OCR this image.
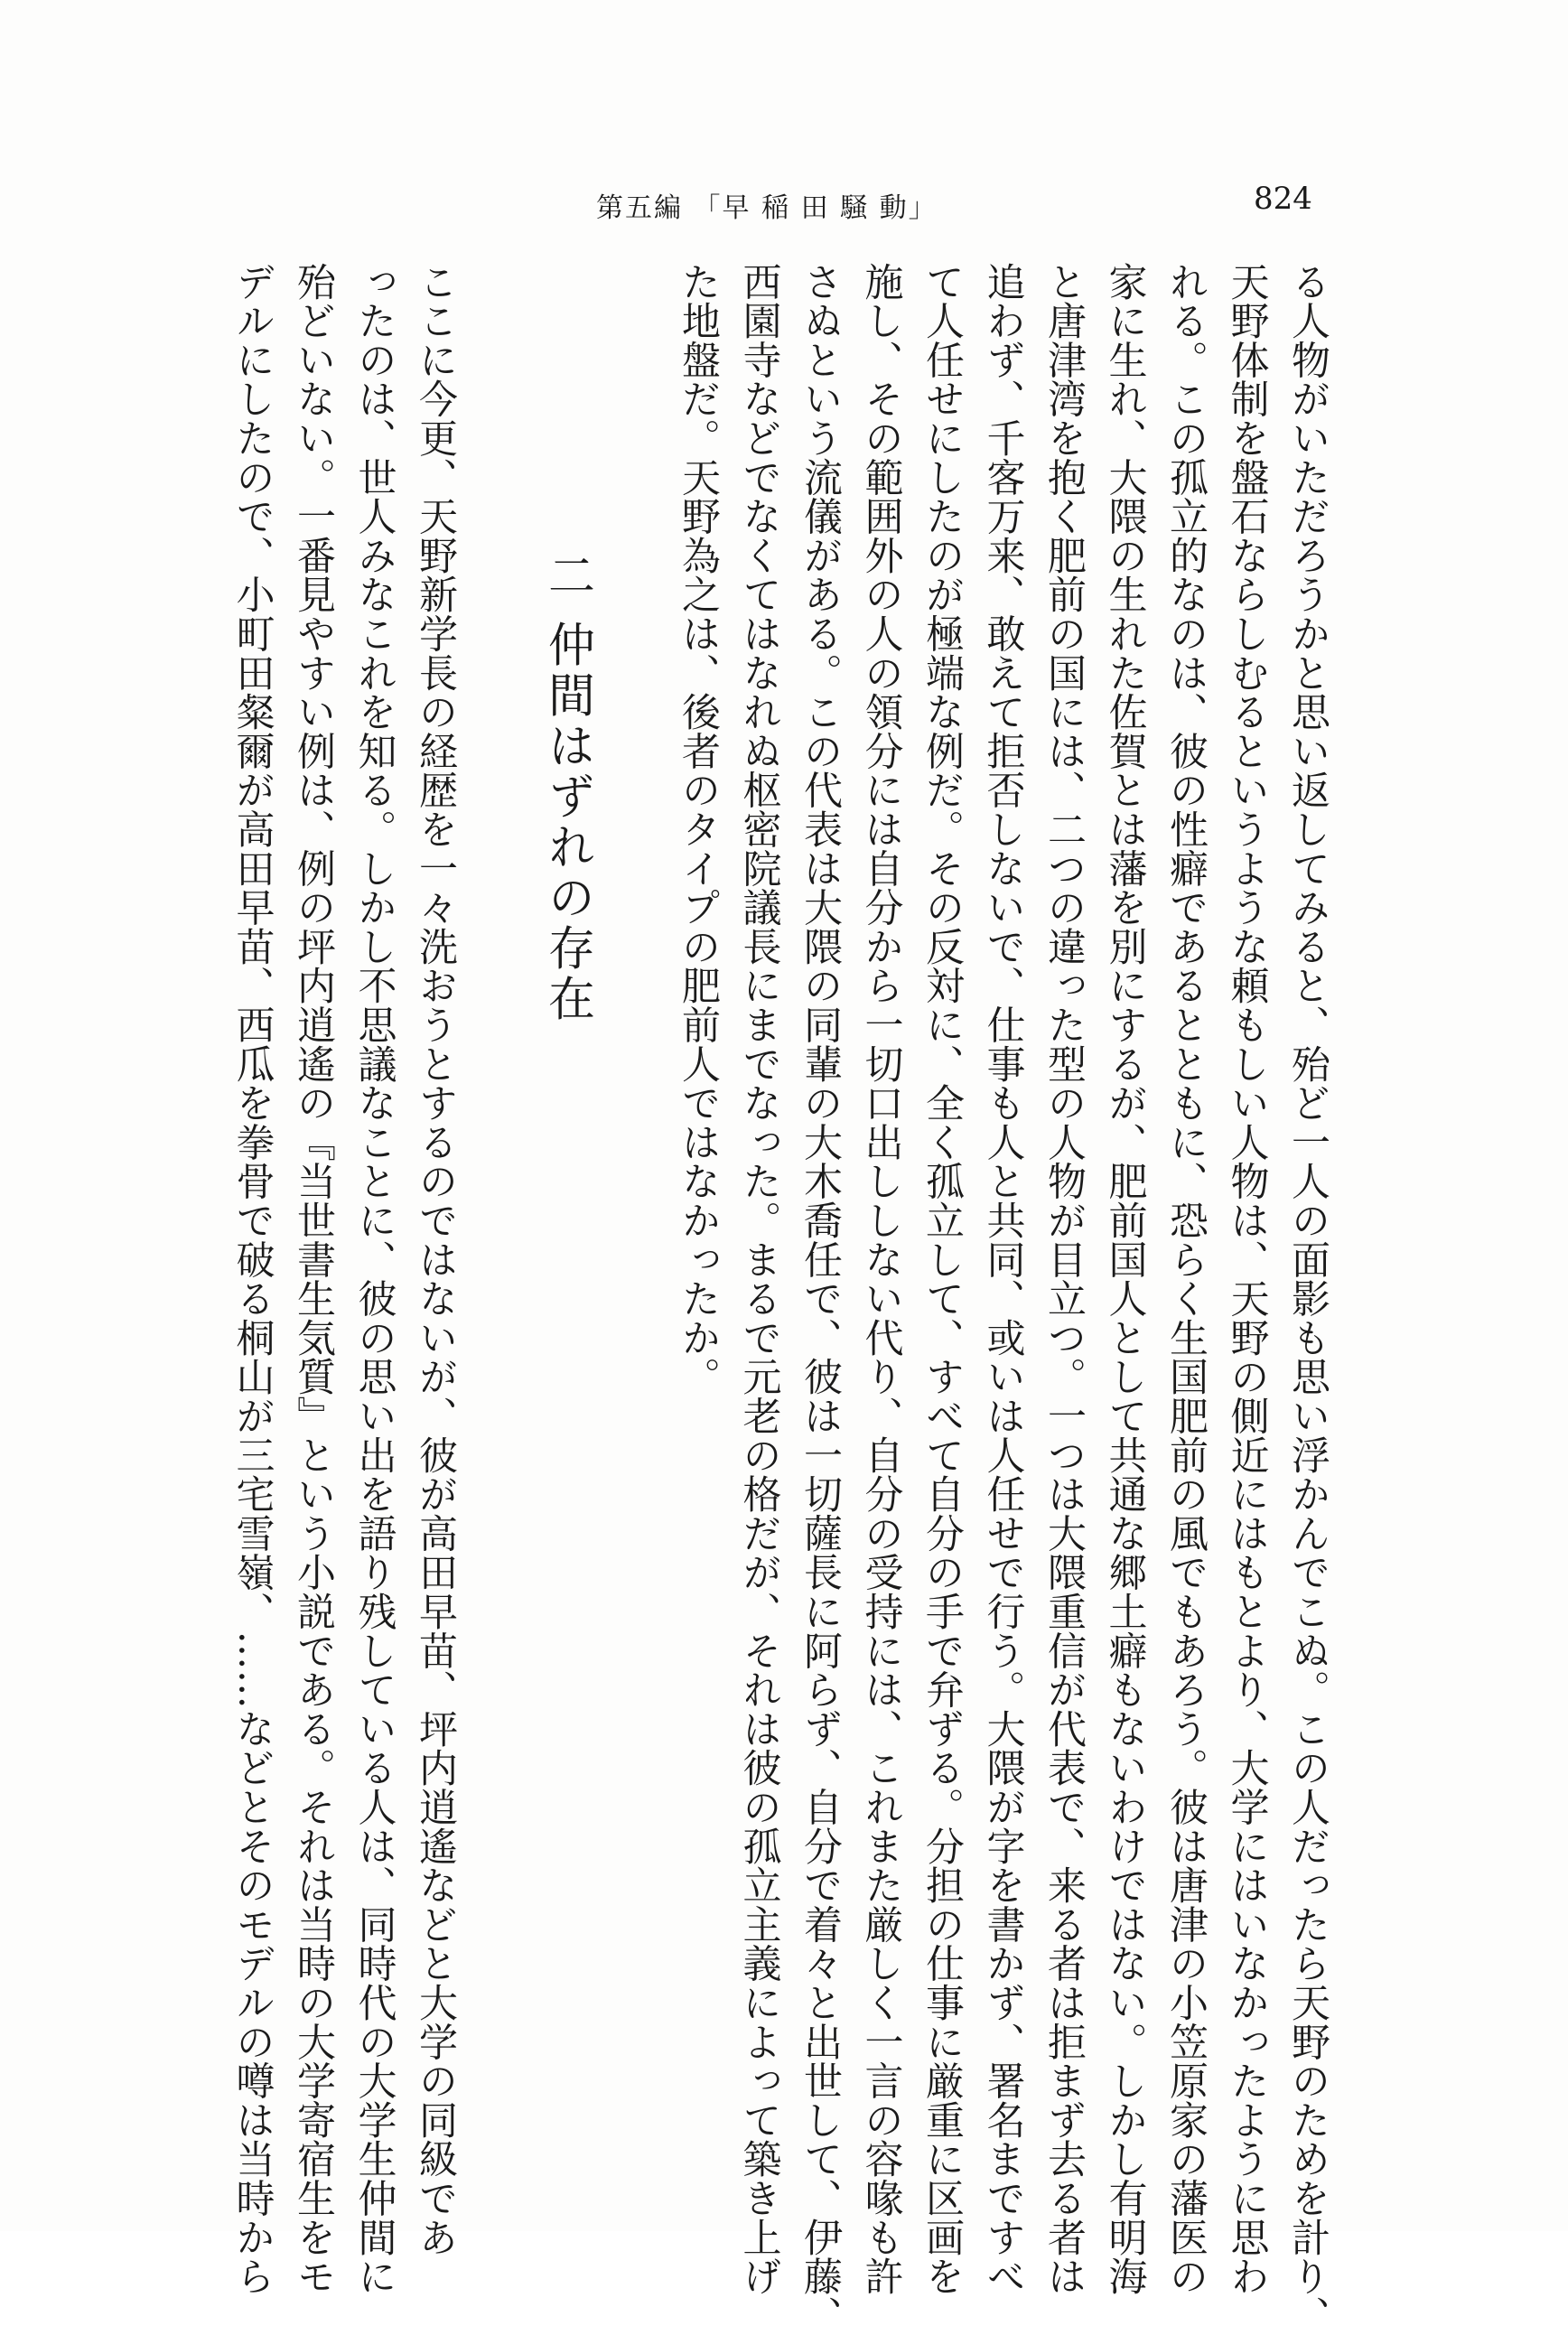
第五編 「早 稲 田 騒 動」	824
る人物がいただろうかと思い返してみると、殆ど一人の面影も思い浮かんでこぬ。この人だったら天野のためを計り、
天野体制を盤石ならしむるというような頼もしい人物は、天野の側近にはもとより、大学にはいなかったように思わ
れる。この孤立的なのは、彼の性癖であるとともに、恐らく生国肥前の風でもあろう。彼は唐津の小笠原家の藩医の
家に生れ、大隈の生れた佐賀とは藩を別にするが、肥前国人として共通な郷土癖もないわけではない。しかし有明海
と唐津湾を抱く肥前の国には、二つの違った型の人物が目立つ。一つは大隈重信が代表で、来る者は拒まず去る者は
追わず、千客万来、敢えて拒否しないで、仕事も人と共同、或いは人任せで行う。大隈が字を書かず、署名まですべ
て人任せにしたのが極端な例だ。その反対に、全く孤立して、すべて自分の手で弁ずる。分担の仕事に厳重に区画を
施し、その範囲外の人の領分には自分から一切口出ししない代り、自分の受持には、これまた厳しく一言の容喙も許
さぬという流儀がある。この代表は大隈の同輩の大木喬任で、彼は一切薩長に阿らず、自分で着々と出世して、伊藤、
西園寺などでなくてはなれぬ枢密院議長にまでなった。まるで元老の格だが、それは彼の孤立主義によって築き上げ
た地盤だ。天野為之は、後者のタイプの肥前人ではなかったか。
二 仲間はずれの存在
ここに今更、天野新学長の経歴を一々洗おうとするのではないが、彼が高田早苗、坪内逍遙などと大学の同級であ
ったのは、世人みなこれを知る。しかし不思議なことに、彼の思い出を語り残している人は、同時代の大学生仲間に
殆どいない。一番見やすい例は、例の坪内逍遙の『当世書生気質』という小説である。それは当時の大学寄宿生をモ
デルにしたので、小町田粲爾が高田早苗、西瓜を拳骨で破る桐山が三宅雪嶺、……などとそのモデルの噂は当時から
